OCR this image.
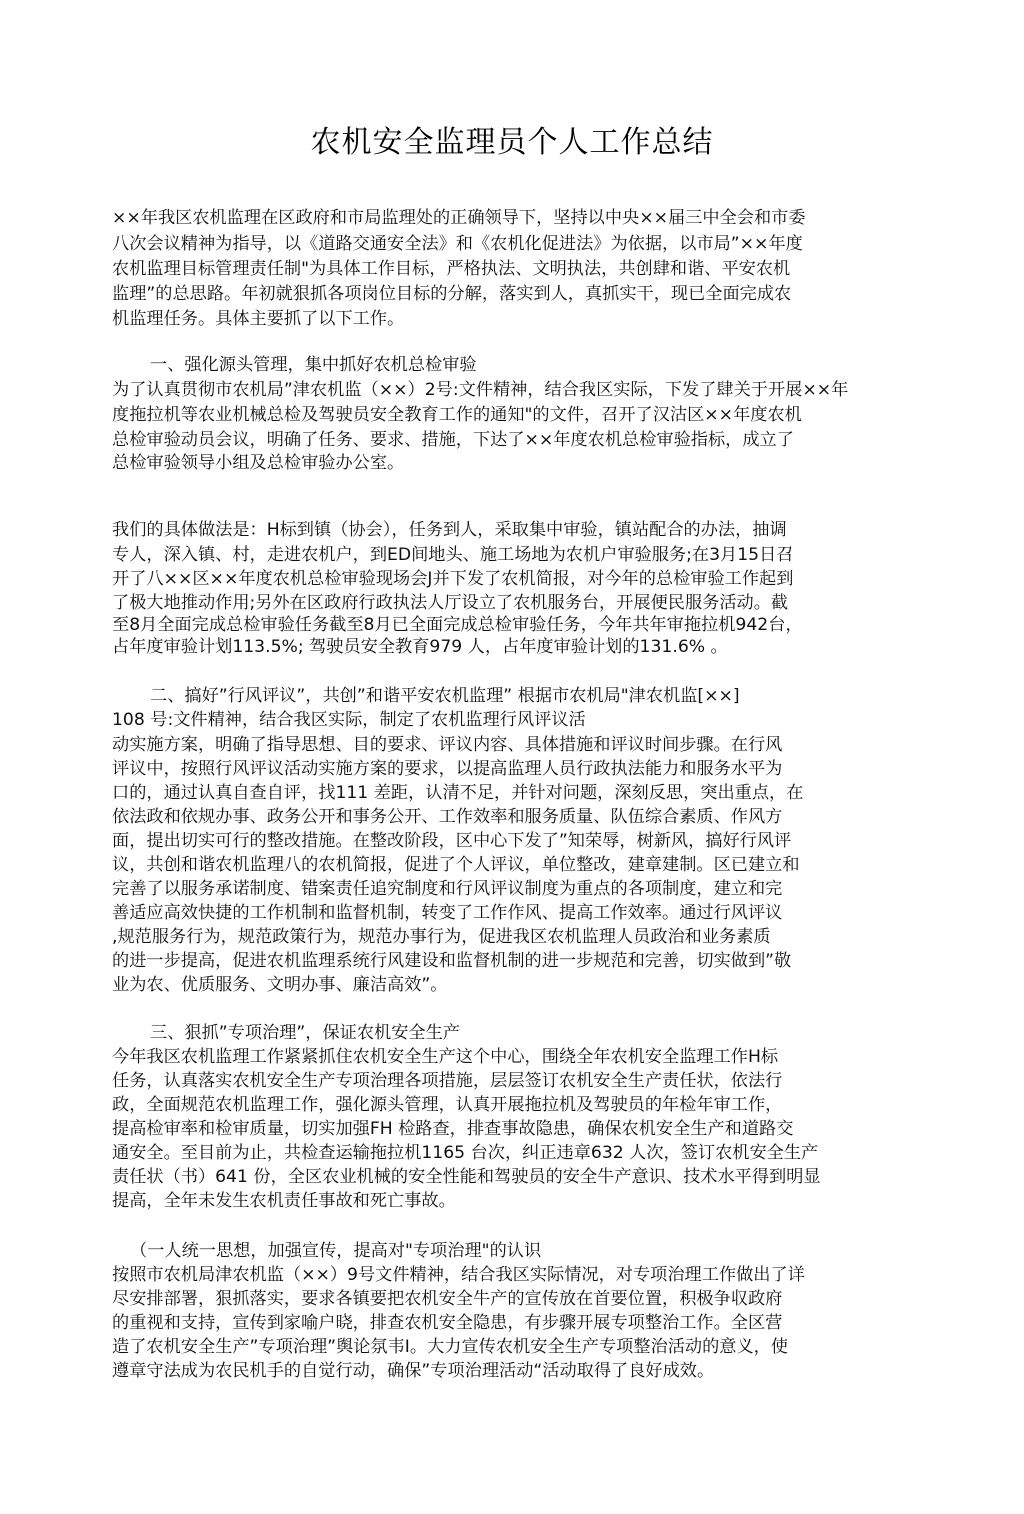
农机安全监理员个人工作总结
××年我区农机监理在区政府和市局监理处的正确领导下，坚持以中央××届三中全会和市委
八次会议精神为指导，以《道路交通安全法》和《农机化促进法》为依据，以市局”××年度
农机监理目标管理责任制"为具体工作目标，严格执法、文明执法，共创肆和谐、平安农机
监理”的总思路。年初就狠抓各项岗位目标的分解，落实到人，真抓实干，现已全面完成农
机监理任务。具体主要抓了以下工作。
一、强化源头管理，集中抓好农机总检审验
为了认真贯彻市农机局”津农机监（××）2号:文件精神，结合我区实际，下发了肆关于开展××年
度拖拉机等农业机械总检及驾驶员安全教育工作的通知"的文件，召开了汉沽区××年度农机
总检审验动员会议，明确了任务、要求、措施，下达了××年度农机总检审验指标，成立了
总检审验领导小组及总检审验办公室。
我们的具体做法是：H标到镇（协会），任务到人，采取集中审验，镇站配合的办法，抽调
专人，深入镇、村，走进农机户，到ED间地头、施工场地为农机户审验服务;在3月15日召
开了八××区××年度农机总检审验现场会J并下发了农机简报，对今年的总检审验工作起到
了极大地推动作用;另外在区政府行政执法人厅设立了农机服务台，开展便民服务活动。截
至8月全面完成总检审验任务截至8月已全面完成总检审验任务，今年共年审拖拉机942台，
占年度审验计划113.5%; 驾驶员安全教育979 人，占年度审验计划的131.6% 。
二、搞好”行风评议”，共创”和谐平安农机监理” 根据市农机局"津农机监[××]
108 号:文件精神，结合我区实际，制定了农机监理行风评议活
动实施方案，明确了指导思想、目的要求、评议内容、具体措施和评议时间步骤。在行风
评议中，按照行风评议活动实施方案的要求，以提高监理人员行政执法能力和服务水平为
口的，通过认真自查自评，找111 差距，认清不足，并针对问题，深刻反思，突出重点，在
依法政和依规办事、政务公开和事务公开、工作效率和服务质量、队伍综合素质、作风方
面，提出切实可行的整改措施。在整改阶段，区中心下发了”知荣辱，树新风，搞好行风评
议，共创和谐农机监理八的农机简报，促进了个人评议，单位整改，建章建制。区已建立和
完善了以服务承诺制度、错案责任追究制度和行风评议制度为重点的各项制度，建立和完
善适应高效快捷的工作机制和监督机制，转变了工作作风、提高工作效率。通过行风评议
,规范服务行为，规范政策行为，规范办事行为，促进我区农机监理人员政治和业务素质
的进一步提高，促进农机监理系统行风建设和监督机制的进一步规范和完善，切实做到”敬
业为农、优质服务、文明办事、廉洁高效”。
三、狠抓”专项治理”，保证农机安全生产
今年我区农机监理工作紧紧抓住农机安全生产这个中心，围绕全年农机安全监理工作H标
任务，认真落实农机安全生产专项治理各项措施，层层签订农机安全生产责任状，依法行
政，全面规范农机监理工作，强化源头管理，认真开展拖拉机及驾驶员的年检年审工作，
提高检审率和检审质量，切实加强FH 检路查，排查事故隐患，确保农机安全生产和道路交
通安全。至目前为止，共检查运输拖拉机1165 台次，纠正违章632 人次，签订农机安全生产
责任状（书）641 份，全区农业机械的安全性能和驾驶员的安全牛产意识、技术水平得到明显
提高，全年未发生农机责任事故和死亡事故。
（一人统一思想，加强宣传，提高对"专项治理"的认识
按照市农机局津农机监（××）9号文件精神，结合我区实际情况，对专项治理工作做出了详
尽安排部署，狠抓落实，要求各镇要把农机安全牛产的宣传放在首要位置，积极争収政府
的重视和支持，宣传到家喻户晓，排查农机安全隐患，有步骤开展专项整治工作。全区营
造了农机安全生产”专项治理”舆论氛韦I。大力宣传农机安全生产专项整治活动的意义，使
遵章守法成为农民机手的自觉行动，确保”专项治理活动“活动取得了良好成效。
